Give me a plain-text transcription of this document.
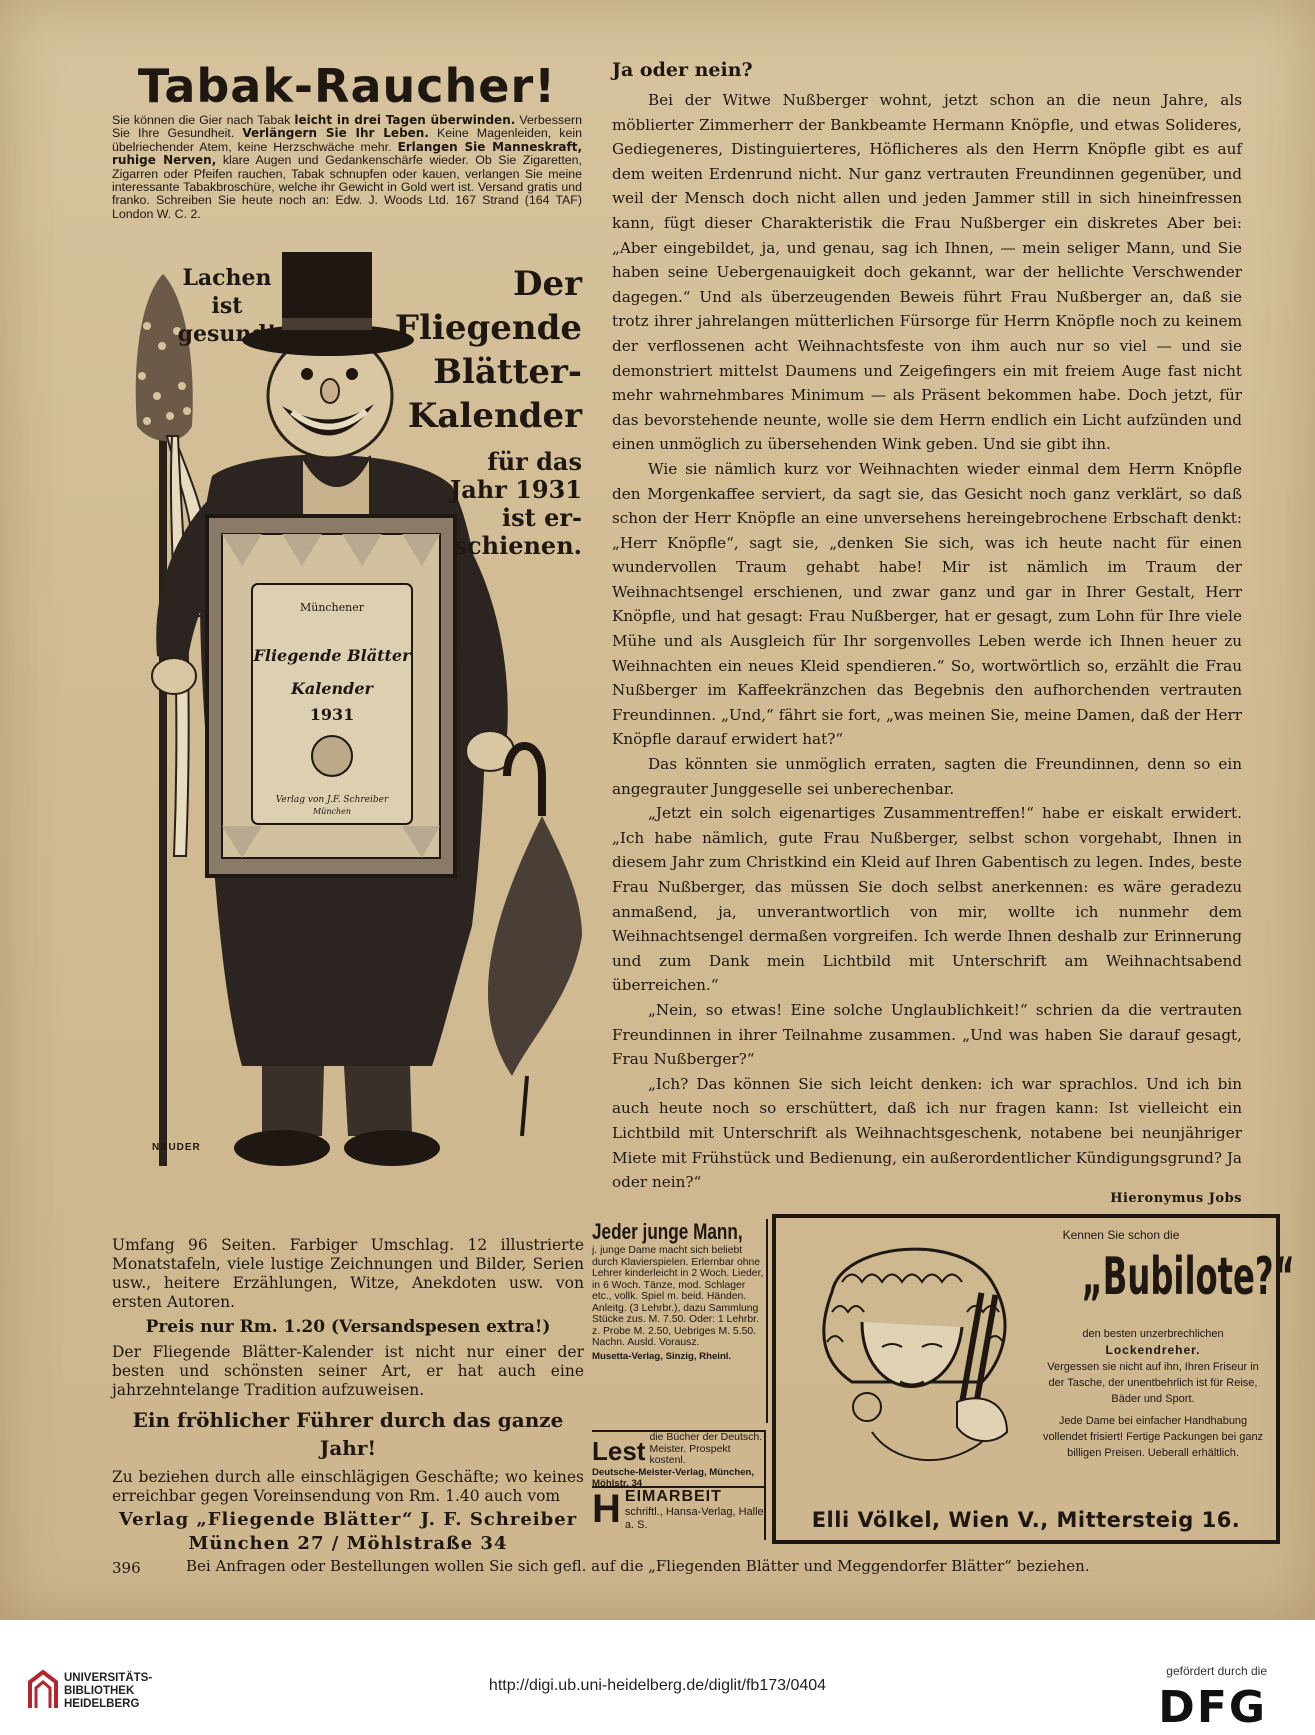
Tabak-Raucher!

Sie können die Gier nach Tabak leicht in drei Tagen überwinden. Verbessern Sie Ihre Gesundheit. Verlängern Sie Ihr Leben. Keine Magenleiden, kein übelriechender Atem, keine Herzschwäche mehr. Erlangen Sie Manneskraft, ruhige Nerven, klare Augen und Gedankenschärfe wieder. Ob Sie Zigaretten, Zigarren oder Pfeifen rauchen, Tabak schnupfen oder kauen, verlangen Sie meine interessante Tabakbroschüre, welche ihr Gewicht in Gold wert ist. Versand gratis und franko. Schreiben Sie heute noch an: Edw. J. Woods Ltd. 167 Strand (164 TAF) London W. C. 2.

Münchener
Fliegende Blätter
Kalender
1931
Verlag von J.F. Schreiber
München
Lachen
ist
gesund!
Der
Fliegende
Blätter-
Kalender
für das
Jahr 1931
ist er-
schienen.
NAUDER

Umfang 96 Seiten. Farbiger Umschlag. 12 illustrierte Monatstafeln, viele lustige Zeichnungen und Bilder, Serien usw., heitere Erzählungen, Witze, Anekdoten usw. von ersten Autoren.

Preis nur Rm. 1.20 (Versandspesen extra!)

Der Fliegende Blätter-Kalender ist nicht nur einer der besten und schönsten seiner Art, er hat auch eine jahrzehntelange Tradition aufzuweisen.

Ein fröhlicher Führer durch das ganze Jahr!

Zu beziehen durch alle einschlägigen Geschäfte; wo keines erreichbar gegen Voreinsendung von Rm. 1.40 auch vom

Verlag „Fliegende Blätter“ J. F. Schreiber
München 27 / Möhlstraße 34
Ja oder nein?

Bei der Witwe Nußberger wohnt, jetzt schon an die neun Jahre, als möblierter Zimmerherr der Bankbeamte Hermann Knöpfle, und etwas Solideres, Gediegeneres, Distinguierteres, Höflicheres als den Herrn Knöpfle gibt es auf dem weiten Erdenrund nicht. Nur ganz vertrauten Freundinnen gegenüber, und weil der Mensch doch nicht allen und jeden Jammer still in sich hineinfressen kann, fügt dieser Charakteristik die Frau Nußberger ein diskretes Aber bei: „Aber eingebildet, ja, und genau, sag ich Ihnen, — mein seliger Mann, und Sie haben seine Uebergenauigkeit doch gekannt, war der hellichte Verschwender dagegen.“ Und als überzeugenden Beweis führt Frau Nußberger an, daß sie trotz ihrer jahrelangen mütterlichen Fürsorge für Herrn Knöpfle noch zu keinem der verflossenen acht Weihnachtsfeste von ihm auch nur so viel — und sie demonstriert mittelst Daumens und Zeigefingers ein mit freiem Auge fast nicht mehr wahrnehmbares Minimum — als Präsent bekommen habe. Doch jetzt, für das bevorstehende neunte, wolle sie dem Herrn endlich ein Licht aufzünden und einen unmöglich zu übersehenden Wink geben. Und sie gibt ihn.

Wie sie nämlich kurz vor Weihnachten wieder einmal dem Herrn Knöpfle den Morgenkaffee serviert, da sagt sie, das Gesicht noch ganz verklärt, so daß schon der Herr Knöpfle an eine unversehens hereingebrochene Erbschaft denkt: „Herr Knöpfle“, sagt sie, „denken Sie sich, was ich heute nacht für einen wundervollen Traum gehabt habe! Mir ist nämlich im Traum der Weihnachtsengel erschienen, und zwar ganz und gar in Ihrer Gestalt, Herr Knöpfle, und hat gesagt: Frau Nußberger, hat er gesagt, zum Lohn für Ihre viele Mühe und als Ausgleich für Ihr sorgenvolles Leben werde ich Ihnen heuer zu Weihnachten ein neues Kleid spendieren.“ So, wortwörtlich so, erzählt die Frau Nußberger im Kaffeekränzchen das Begebnis den aufhorchenden vertrauten Freundinnen. „Und,“ fährt sie fort, „was meinen Sie, meine Damen, daß der Herr Knöpfle darauf erwidert hat?“

Das könnten sie unmöglich erraten, sagten die Freundinnen, denn so ein angegrauter Junggeselle sei unberechenbar.

„Jetzt ein solch eigenartiges Zusammentreffen!“ habe er eiskalt erwidert. „Ich habe nämlich, gute Frau Nußberger, selbst schon vorgehabt, Ihnen in diesem Jahr zum Christkind ein Kleid auf Ihren Gabentisch zu legen. Indes, beste Frau Nußberger, das müssen Sie doch selbst anerkennen: es wäre geradezu anmaßend, ja, unverantwortlich von mir, wollte ich nunmehr dem Weihnachtsengel dermaßen vorgreifen. Ich werde Ihnen deshalb zur Erinnerung und zum Dank mein Lichtbild mit Unterschrift am Weihnachtsabend überreichen.“

„Nein, so etwas! Eine solche Unglaublichkeit!“ schrien da die vertrauten Freundinnen in ihrer Teilnahme zusammen. „Und was haben Sie darauf gesagt, Frau Nußberger?“

„Ich? Das können Sie sich leicht denken: ich war sprachlos. Und ich bin auch heute noch so erschüttert, daß ich nur fragen kann: Ist vielleicht ein Lichtbild mit Unterschrift als Weihnachtsgeschenk, notabene bei neunjähriger Miete mit Frühstück und Bedienung, ein außerordentlicher Kündigungsgrund? Ja oder nein?“

Hieronymus Jobs
Jeder junge Mann,
j. junge Dame macht sich beliebt durch Klavierspielen. Erlernbar ohne Lehrer kinderleicht in 2 Woch. Lieder, in 6 Woch. Tänze, mod. Schlager etc., vollk. Spiel m. beid. Händen. Anleitg. (3 Lehrbr.), dazu Sammlung Stücke zus. M. 7.50. Oder: 1 Lehrbr. z. Probe M. 2.50, Uebriges M. 5.50. Nachn. Ausld. Vorausz.
Musetta-Verlag, Sinzig, Rheinl.
Lest die Bücher der Deutsch. Meister. Prospekt kostenl.
Deutsche-Meister-Verlag, München, Möhlstr. 34
H EIMARBEIT
schriftl., Hansa-Verlag, Halle a. S.
Kennen Sie schon die
„Bubilote?“
den besten unzerbrechlichen
Lockendreher.
Vergessen sie nicht auf ihn, Ihren Friseur in der Tasche, der unentbehrlich ist für Reise, Bäder und Sport.
Jede Dame bei einfacher Handhabung vollendet frisiert! Fertige Packungen bei ganz billigen Preisen. Ueberall erhältlich.
Elli Völkel, Wien V., Mittersteig 16.
396	Bei Anfragen oder Bestellungen wollen Sie sich gefl. auf die „Fliegenden Blätter und Meggendorfer Blätter“ beziehen.
UNIVERSITÄTS-
BIBLIOTHEK
HEIDELBERG
http://digi.ub.uni-heidelberg.de/diglit/fb173/0404
gefördert durch die
DFG
